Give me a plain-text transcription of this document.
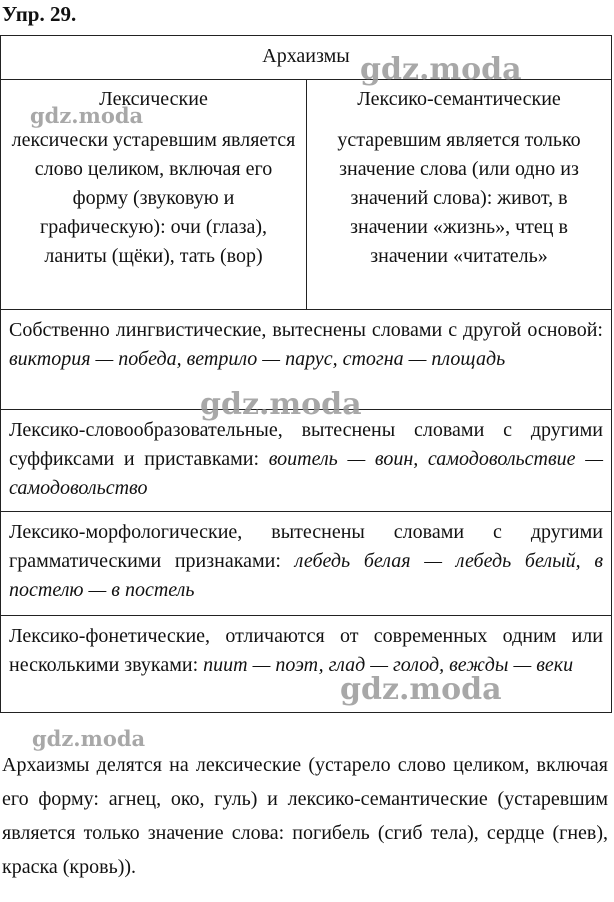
Упр. 29.
Архаизмы
Лексические
лексически устаревшим является слово целиком, включая его форму (звуковую и графическую): очи (глаза), ланиты (щёки), тать (вор)
Лексико-семантические
устаревшим является только значение слова (или одно из значений слова): живот, в значении «жизнь», чтец в значении «читатель»
Собственно лингвистические, вытеснены словами с другой основой: виктория — победа, ветрило — парус, стогна — площадь
Лексико-словообразовательные, вытеснены словами с другими суффиксами и приставками: воитель — воин, самодовольствие — самодовольство
Лексико-морфологические, вытеснены словами с другими грамматическими признаками: лебедь белая — лебедь белый, в постелю — в постель
Лексико-фонетические, отличаются от современных одним или несколькими звуками: пиит — поэт, глад — голод, вежды — веки
Архаизмы делятся на лексические (устарело слово целиком, включая его форму: агнец, око, гуль) и лексико-семантические (устаревшим является только значение слова: погибель (сгиб тела), сердце (гнев), краска (кровь)).
gdz.moda
gdz.moda
gdz.moda
gdz.moda
gdz.moda
